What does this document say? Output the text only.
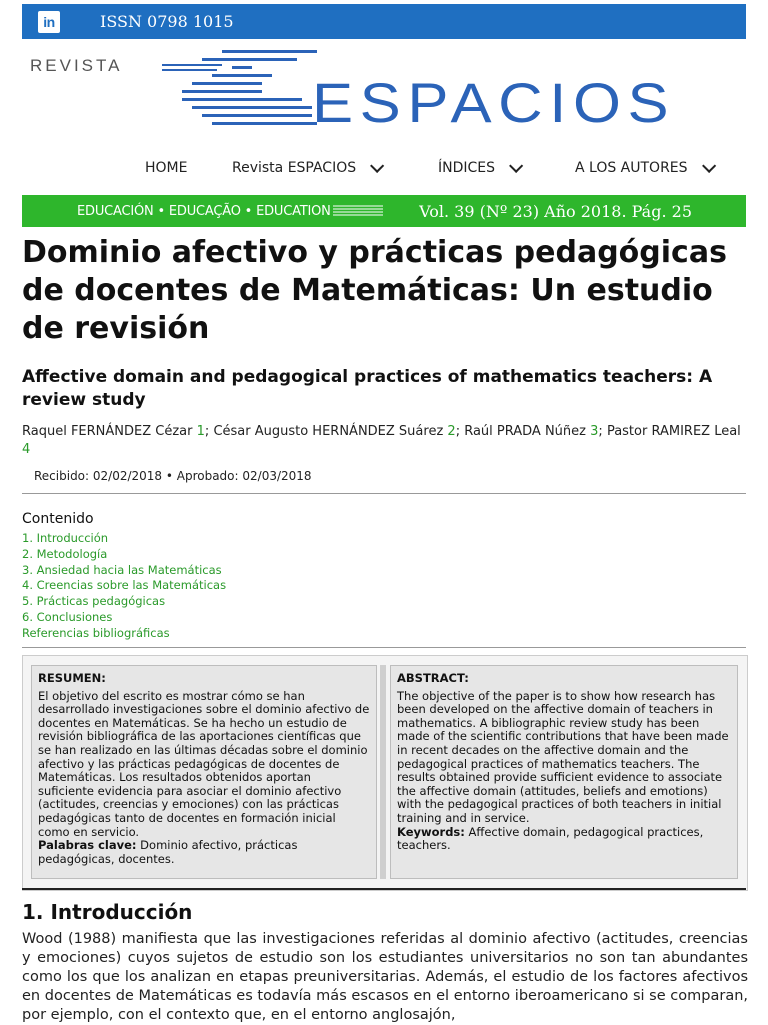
in	ISSN 0798 1015
REVISTA
ESPACIOS
HOME	Revista ESPACIOS	ÍNDICES	A LOS AUTORES
EDUCACIÓN • EDUCAÇÃO • EDUCATION	Vol. 39 (Nº 23) Año 2018. Pág. 25
Dominio afectivo y prácticas pedagógicas de docentes de Matemáticas: Un estudio de revisión
Affective domain and pedagogical practices of mathematics teachers: A review study
Raquel FERNÁNDEZ Cézar 1; César Augusto HERNÁNDEZ Suárez 2; Raúl PRADA Núñez 3; Pastor RAMIREZ Leal 4
Recibido: 02/02/2018 • Aprobado: 02/03/2018
Contenido
1. Introducción
2. Metodología
3. Ansiedad hacia las Matemáticas
4. Creencias sobre las Matemáticas
5. Prácticas pedagógicas
6. Conclusiones
Referencias bibliográficas
RESUMEN:
El objetivo del escrito es mostrar cómo se han desarrollado investigaciones sobre el dominio afectivo de docentes en Matemáticas. Se ha hecho un estudio de revisión bibliográfica de las aportaciones científicas que se han realizado en las últimas décadas sobre el dominio afectivo y las prácticas pedagógicas de docentes de Matemáticas. Los resultados obtenidos aportan suficiente evidencia para asociar el dominio afectivo (actitudes, creencias y emociones) con las prácticas pedagógicas tanto de docentes en formación inicial como en servicio.
Palabras clave: Dominio afectivo, prácticas pedagógicas, docentes.
ABSTRACT:
The objective of the paper is to show how research has been developed on the affective domain of teachers in mathematics. A bibliographic review study has been made of the scientific contributions that have been made in recent decades on the affective domain and the pedagogical practices of mathematics teachers. The results obtained provide sufficient evidence to associate the affective domain (attitudes, beliefs and emotions) with the pedagogical practices of both teachers in initial training and in service.
Keywords: Affective domain, pedagogical practices, teachers.
1. Introducción

Wood (1988) manifiesta que las investigaciones referidas al dominio afectivo (actitudes, creencias y emociones) cuyos sujetos de estudio son los estudiantes universitarios no son tan abundantes como los que los analizan en etapas preuniversitarias. Además, el estudio de los factores afectivos en docentes de Matemáticas es todavía más escasos en el entorno iberoamericano si se comparan, por ejemplo, con el contexto que, en el entorno anglosajón,
